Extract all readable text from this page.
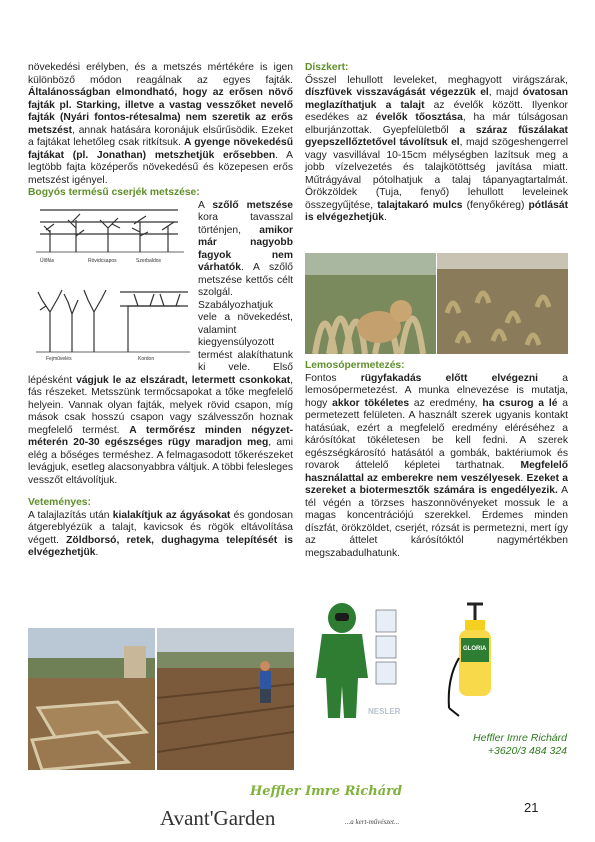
növekedési erélyben, és a metszés mértékére is igen különböző módon reagálnak az egyes fajták. Általánosságban elmondható, hogy az erősen növő fajták pl. Starking, illetve a vastag vesszőket nevelő fajták (Nyári fontos-rétesalma) nem szeretik az erős metszést, annak hatására koronájuk elsűrűsödik. Ezeket a fajtákat lehetőleg csak ritkítsuk. A gyenge növekedésű fajtákat (pl. Jonathan) metszhetjük erősebben. A legtöbb fajta középerős növekedésű és közepesen erős metszést igényel.

Bogyós termésű cserjék metszése:

Ülőfás	Rövidcsapos	Szerbaldos
Fejművelés	Kordon

A szőlő metszése kora tavasszal történjen, amikor már nagyobb fagyok nem várhatók. A szőlő metszése kettős célt szolgál. Szabályozhatjuk vele a növekedést, valamint kiegyensúlyozott termést alakíthatunk ki vele. Első lépésként vágjuk le az elszáradt, letermett csonkokat, fás részeket. Metsszünk termőcsapokat a tőke megfelelő helyein. Vannak olyan fajták, melyek rövid csapon, míg mások csak hosszú csapon vagy szálvesszőn hoznak megfelelő termést. A termőrész minden négyzet-méterén 20-30 egészséges rügy maradjon meg, ami elég a bőséges terméshez. A felmagasodott tőkerészeket levágjuk, esetleg alacsonyabbra váltjuk. A többi felesleges vesszőt eltávolítjuk.

Veteményes:

A talajlazítás után kialakítjuk az ágyásokat és gondosan átgereblyézük a talajt, kavicsok és rögök eltávolítása végett. Zöldborsó, retek, dughagyma telepítését is elvégezhetjük.

Díszkert:

Ősszel lehullott leveleket, meghagyott virágszárak, díszfüvek visszavágását végezzük el, majd óvatosan meglazíthatjuk a talajt az évelők között. Ilyenkor esedékes az évelők tőosztása, ha már túlságosan elburjánzottak. Gyepfelületből a száraz fűszálakat gyepszellőztetővel távolítsuk el, majd szögeshengerrel vagy vasvillával 10-15cm mélységben lazítsuk meg a jobb vízelvezetés és talajkötöttség javítása miatt. Műtrágyával pótolhatjuk a talaj tápanyagtartalmát. Örökzöldek (Tuja, fenyő) lehullott leveleinek összegyűjtése, talajtakaró mulcs (fenyőkéreg) pótlását is elvégezhetjük.

Lemosópermetezés:

Fontos rügyfakadás előtt elvégezni a lemosópermetezést. A munka elnevezése is mutatja, hogy akkor tökéletes az eredmény, ha csurog a lé a permetezett felületen. A használt szerek ugyanis kontakt hatásúak, ezért a megfelelő eredmény eléréséhez a kárósítókat tökéletesen be kell fedni. A szerek egészségkárosító hatásától a gombák, baktériumok és rovarok áttelelő képletei tarthatnak. Megfelelő használattal az emberekre nem veszélyesek. Ezeket a szereket a biotermesztők számára is engedélyezik. A tél végén a törzses haszonnövényeket mossuk le a magas koncentrációjú szerekkel. Érdemes minden díszfát, örökzöldet, cserjét, rózsát is permetezni, mert így az áttelet kárósítóktól nagymértékben megszabadulhatunk.

NESLER
GLORIA
Heffler Imre Richárd
+3620/3 484 324
Heffler Imre Richárd
Avant'Garden	...a kert-művészet...
21
